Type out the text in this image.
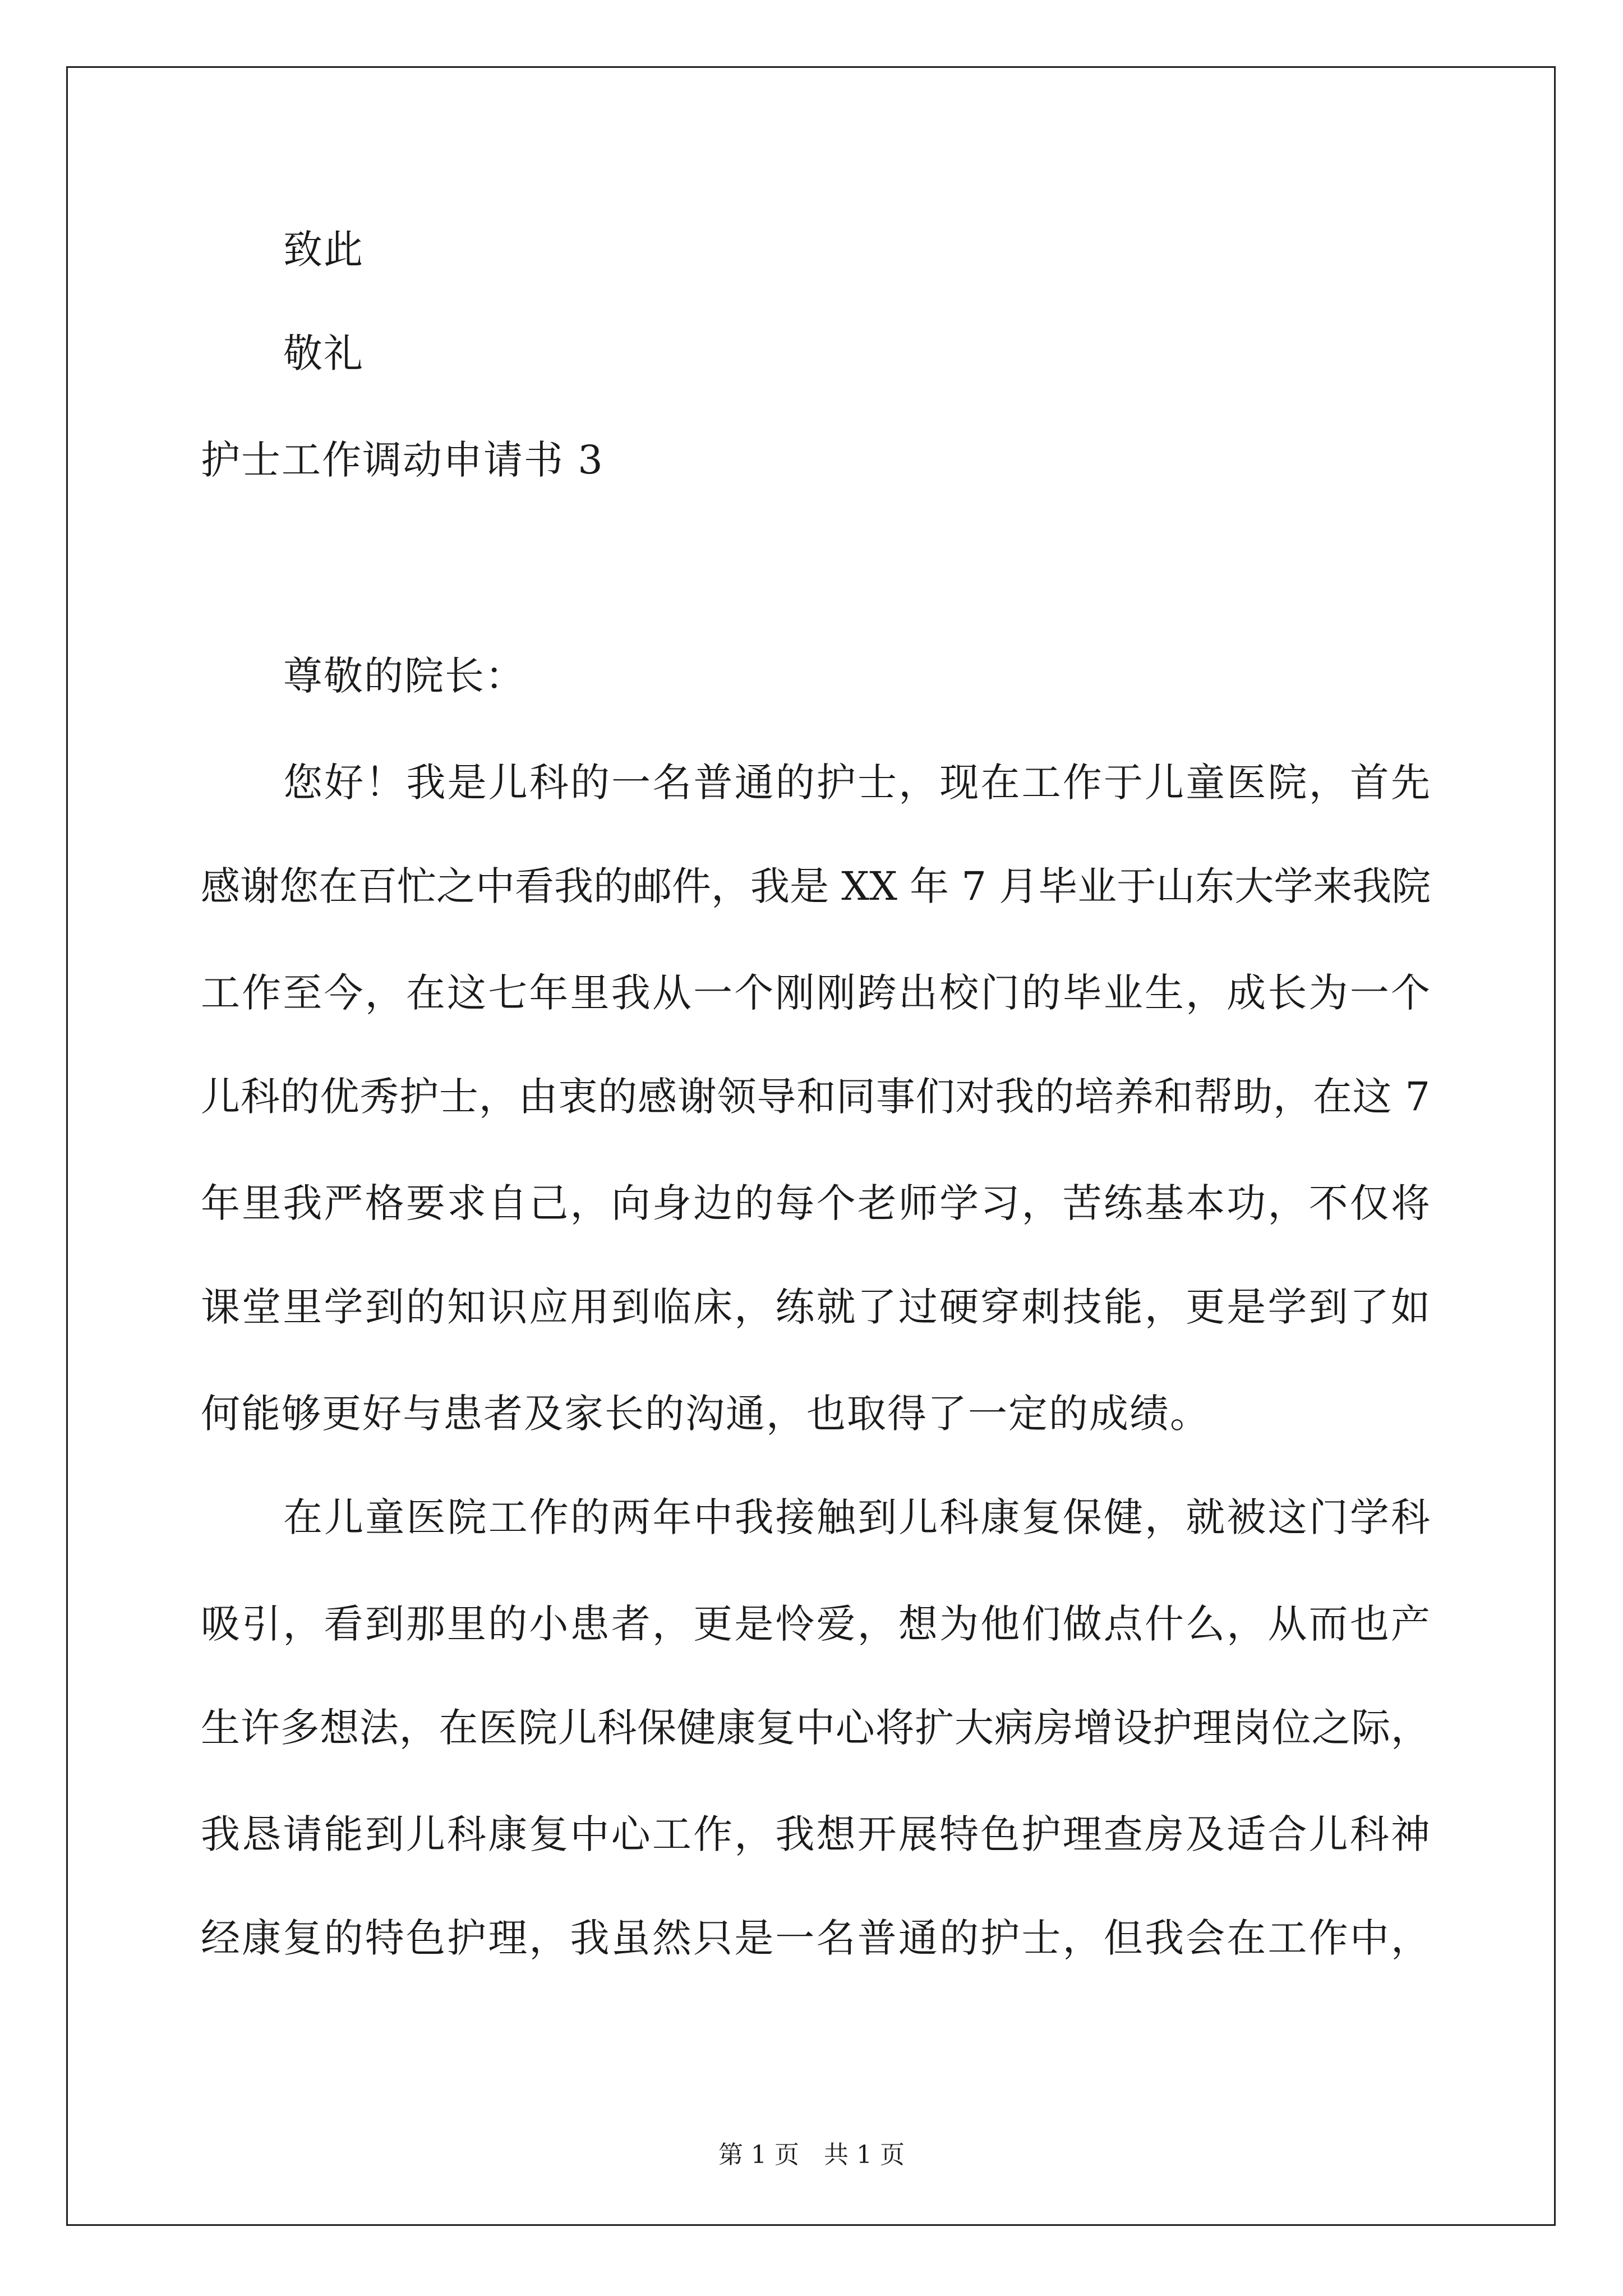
致此
敬礼
护士工作调动申请书 3
尊敬的院长：
您好！我是儿科的一名普通的护士，现在工作于儿童医院，首先
感谢您在百忙之中看我的邮件，我是 XX 年 7 月毕业于山东大学来我院
工作至今，在这七年里我从一个刚刚跨出校门的毕业生，成长为一个
儿科的优秀护士，由衷的感谢领导和同事们对我的培养和帮助，在这 7
年里我严格要求自己，向身边的每个老师学习，苦练基本功，不仅将
课堂里学到的知识应用到临床，练就了过硬穿刺技能，更是学到了如
何能够更好与患者及家长的沟通，也取得了一定的成绩。
在儿童医院工作的两年中我接触到儿科康复保健，就被这门学科
吸引，看到那里的小患者，更是怜爱，想为他们做点什么，从而也产
生许多想法，在医院儿科保健康复中心将扩大病房增设护理岗位之际，
我恳请能到儿科康复中心工作，我想开展特色护理查房及适合儿科神
经康复的特色护理，我虽然只是一名普通的护士，但我会在工作中，
第 1 页　共 1 页
